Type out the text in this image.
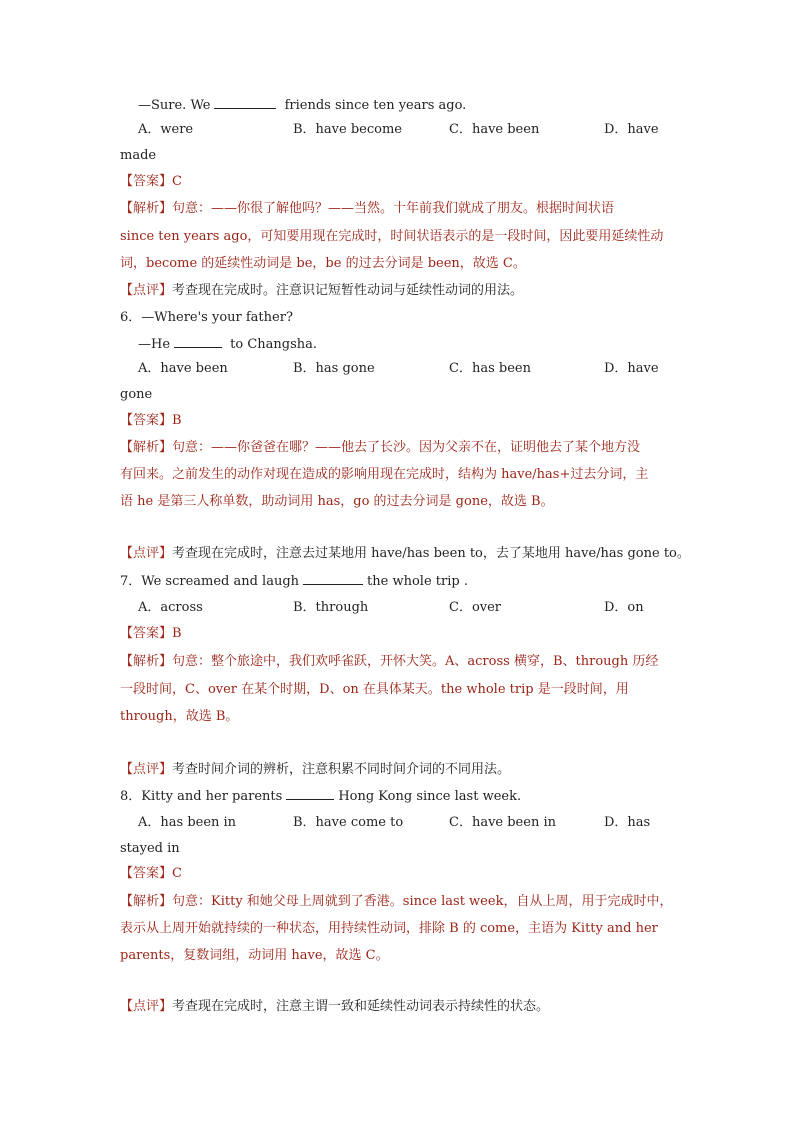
—Sure. We	friends since ten years ago.
A．were	B．have become	C．have been	D．have
made
【答案】C
【解析】句意：——你很了解他吗？——当然。十年前我们就成了朋友。根据时间状语
since ten years ago，可知要用现在完成时，时间状语表示的是一段时间，因此要用延续性动
词，become 的延续性动词是 be，be 的过去分词是 been，故选 C。
【点评】考查现在完成时。注意识记短暂性动词与延续性动词的用法。
6．—Where's your father?
—He	to Changsha.
A．have been	B．has gone	C．has been	D．have
gone
【答案】B
【解析】句意：——你爸爸在哪？——他去了长沙。因为父亲不在，证明他去了某个地方没
有回来。之前发生的动作对现在造成的影响用现在完成时，结构为 have/has+过去分词，主
语 he 是第三人称单数，助动词用 has，go 的过去分词是 gone，故选 B。
【点评】考查现在完成时，注意去过某地用 have/has been to，去了某地用 have/has gone to。
7．We screamed and laugh	the whole trip .
A．across	B．through	C．over	D．on
【答案】B
【解析】句意：整个旅途中，我们欢呼雀跃，开怀大笑。A、across 横穿，B、through 历经
一段时间，C、over 在某个时期，D、on 在具体某天。the whole trip 是一段时间，用
through，故选 B。
【点评】考查时间介词的辨析，注意积累不同时间介词的不同用法。
8．Kitty and her parents	Hong Kong since last week.
A．has been in	B．have come to	C．have been in	D．has
stayed in
【答案】C
【解析】句意：Kitty 和她父母上周就到了香港。since last week，自从上周，用于完成时中，
表示从上周开始就持续的一种状态，用持续性动词，排除 B 的 come，主语为 Kitty and her
parents，复数词组，动词用 have，故选 C。
【点评】考查现在完成时，注意主谓一致和延续性动词表示持续性的状态。
